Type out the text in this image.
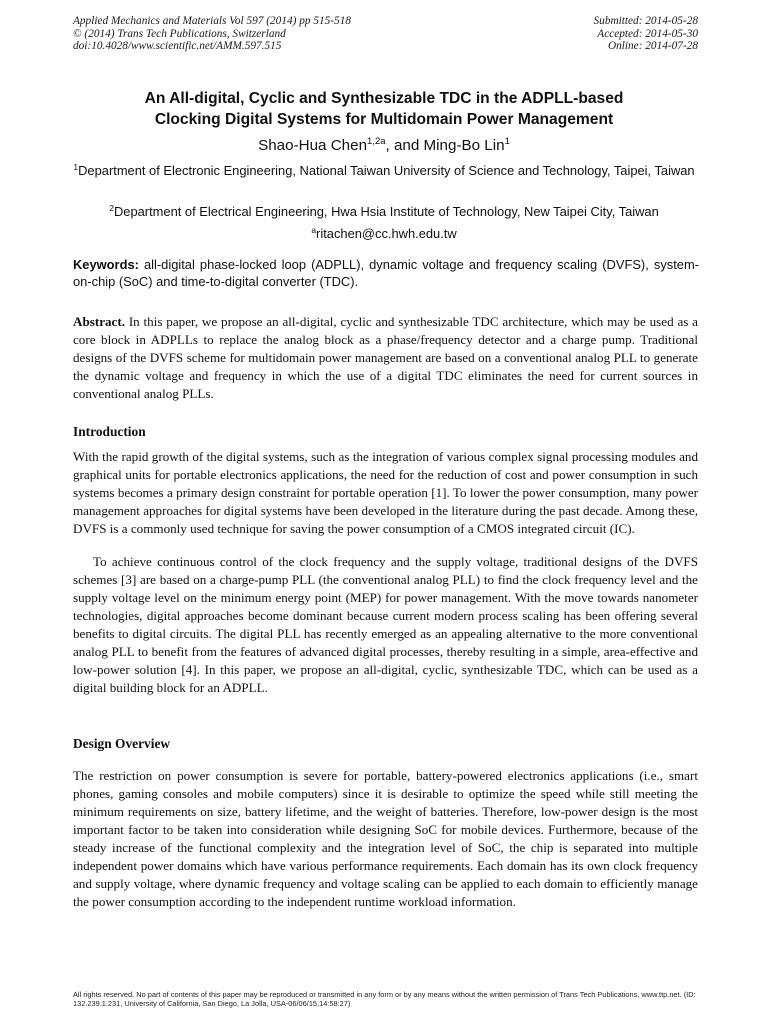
Applied Mechanics and Materials Vol 597 (2014) pp 515-518
© (2014) Trans Tech Publications, Switzerland
doi:10.4028/www.scientific.net/AMM.597.515
Submitted: 2014-05-28
Accepted: 2014-05-30
Online: 2014-07-28
An All-digital, Cyclic and Synthesizable TDC in the ADPLL-based
Clocking Digital Systems for Multidomain Power Management
Shao-Hua Chen$^{1,2a}$, and Ming-Bo Lin$^1$
$^1$Department of Electronic Engineering, National Taiwan University of Science and Technology, Taipei, Taiwan
$^2$Department of Electrical Engineering, Hwa Hsia Institute of Technology, New Taipei City, Taiwan
$^a$ritachen@cc.hwh.edu.tw
Keywords: all-digital phase-locked loop (ADPLL), dynamic voltage and frequency scaling (DVFS), system-on-chip (SoC) and time-to-digital converter (TDC).
Abstract. In this paper, we propose an all-digital, cyclic and synthesizable TDC architecture, which may be used as a core block in ADPLLs to replace the analog block as a phase/frequency detector and a charge pump. Traditional designs of the DVFS scheme for multidomain power management are based on a conventional analog PLL to generate the dynamic voltage and frequency in which the use of a digital TDC eliminates the need for current sources in conventional analog PLLs.
Introduction
With the rapid growth of the digital systems, such as the integration of various complex signal processing modules and graphical units for portable electronics applications, the need for the reduction of cost and power consumption in such systems becomes a primary design constraint for portable operation [1]. To lower the power consumption, many power management approaches for digital systems have been developed in the literature during the past decade. Among these, DVFS is a commonly used technique for saving the power consumption of a CMOS integrated circuit (IC).
To achieve continuous control of the clock frequency and the supply voltage, traditional designs of the DVFS schemes [3] are based on a charge-pump PLL (the conventional analog PLL) to find the clock frequency level and the supply voltage level on the minimum energy point (MEP) for power management. With the move towards nanometer technologies, digital approaches become dominant because current modern process scaling has been offering several benefits to digital circuits. The digital PLL has recently emerged as an appealing alternative to the more conventional analog PLL to benefit from the features of advanced digital processes, thereby resulting in a simple, area-effective and low-power solution [4]. In this paper, we propose an all-digital, cyclic, synthesizable TDC, which can be used as a digital building block for an ADPLL.
Design Overview
The restriction on power consumption is severe for portable, battery-powered electronics applications (i.e., smart phones, gaming consoles and mobile computers) since it is desirable to optimize the speed while still meeting the minimum requirements on size, battery lifetime, and the weight of batteries. Therefore, low-power design is the most important factor to be taken into consideration while designing SoC for mobile devices. Furthermore, because of the steady increase of the functional complexity and the integration level of SoC, the chip is separated into multiple independent power domains which have various performance requirements. Each domain has its own clock frequency and supply voltage, where dynamic frequency and voltage scaling can be applied to each domain to efficiently manage the power consumption according to the independent runtime workload information.
All rights reserved. No part of contents of this paper may be reproduced or transmitted in any form or by any means without the written permission of Trans Tech Publications, www.ttp.net. (ID: 132.239.1.231, University of California, San Diego, La Jolla, USA-06/06/15,14:58:27)
